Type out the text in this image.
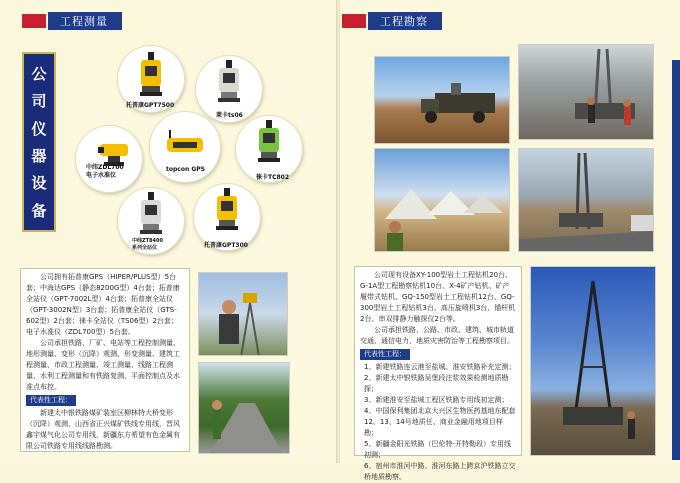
工程测量
公
司
仪
器
设
备
托普康GPT7500
莱卡ts06
中纬ZDL700
电子水准仪
topcon GPS
徕卡TC802
中纬ZT8400
系列全站仪	托普康GPT300

公司拥有拓普康GPS（HIPER/PLUS型）5台套；中海达GPS（静态8200G型）4台套；拓普康全站仪（GPT-7002L型）4台套；拓普康全站仪（GPT-3002N型）3台套；拓普康全站仪（GTS-602型）2台套；徕卡全站仪（TS06型）2台套；电子水准仪（ZDL700型）5台套。

公司承担铁路、厂矿、电站等工程控制测量、地形测量、变形（沉降）观测、形变测量、建筑工程测量、市政工程测量、竣工测量、线路工程测量、水利工程测量和有铁路复测、平面控制点及水准点布控。

代表性工程：

新建太中银铁路煤矿装室区柳林特大桥变形（沉降）观测，山西省正兴煤矿铁线专用线，晋风鑫宇煤气化公司专用线，新疆东方希望有色金属有限公司铁路专用线线路勘测。

工程勘察

公司现有设备XY-100型岩土工程钻机20台、G-1A型工程勘察钻机10台、X-4矿产钻机、矿产履带式钻机、GQ-150型岩土工程钻机12台、GQ-300型岩土工程钻机3台、高压旋喷机3台、锚杆机2台、串双排静力触探仪2台等。

公司承担铁路、公路、市政、建筑、城市轨道交通、通信电力、地质灾害防治等工程勘察项目。

代表性工程：

1、新建铁路连云港至盐城、淮安铁路补充定测；

2、新建太中银铁路吴堡段注浆效果检测地质勘探；

3、新建淮安至盐城工程区铁路专用线初定测；

4、中国保利集团北京大兴区生物医药基地东配套12、13、14号地质任、商业金融用地项目样勘；

5、新疆金阳光铁路（巴伦特-开特勒段）专用线初测；

6、宿州市淮河中路、淮河东路上跨京沪铁路立交桥地质勘察。
